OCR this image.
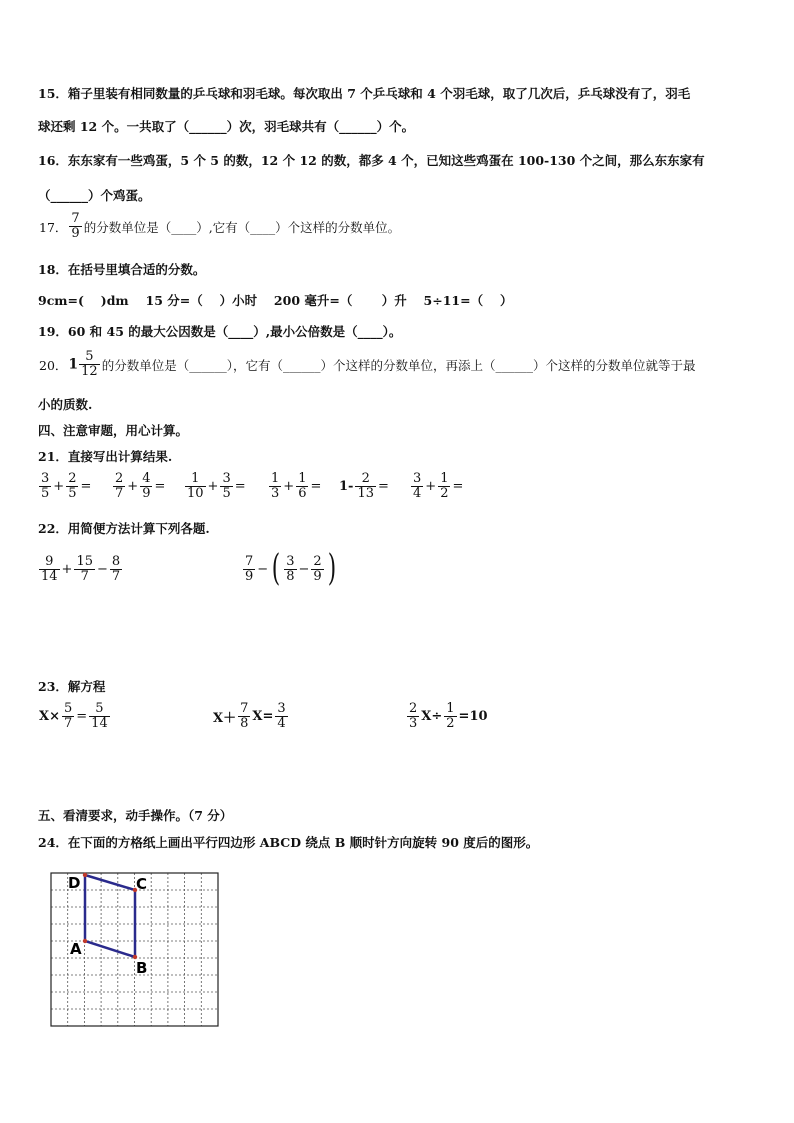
15．箱子里装有相同数量的乒乓球和羽毛球。每次取出 7 个乒乓球和 4 个羽毛球，取了几次后，乒乓球没有了，羽毛
球还剩 12 个。一共取了（______）次，羽毛球共有（______）个。
16．东东家有一些鸡蛋，5 个 5 的数，12 个 12 的数，都多 4 个，已知这些鸡蛋在 100-130 个之间，那么东东家有
（______）个鸡蛋。
17． $\frac{7}{9}$ 的分数单位是（____）,它有（____）个这样的分数单位。
18．在括号里填合适的分数。
9cm=(　 )dm　 15 分=（　 ）小时　 200 毫升=（　　 ）升　 5÷11=（　 ）
19．60 和 45 的最大公因数是（____）,最小公倍数是（____）。
20．$1 \frac{5}{12}$ 的分数单位是（______），它有（______）个这样的分数单位，再添上（______）个这样的分数单位就等于最
小的质数.
四、注意审题，用心计算。
21．直接写出计算结果.
$\frac{3}{5} + \frac{2}{5} = \frac{2}{7} + \frac{4}{9} = \frac{1}{10} + \frac{3}{5} = \frac{1}{3} + \frac{1}{6} = 1- \frac{2}{13} = \frac{3}{4} + \frac{1}{2}$ =
22．用简便方法计算下列各题.
$\frac{9}{14} + \frac{15}{7} - \frac{8}{7}$	$\frac{7}{9}$ − ( $\frac{3}{8} - \frac{2}{9}$ )
23．解方程
$X\times \frac{5}{7} = \frac{5}{14}$	$X+ \frac{7}{8} X= \frac{3}{4}$	$\frac{2}{3} X\div \frac{1}{2} =10$
五、看清要求，动手操作。（7 分）
24．在下面的方格纸上画出平行四边形 ABCD 绕点 B 顺时针方向旋转 90 度后的图形。
D	C
A
B
